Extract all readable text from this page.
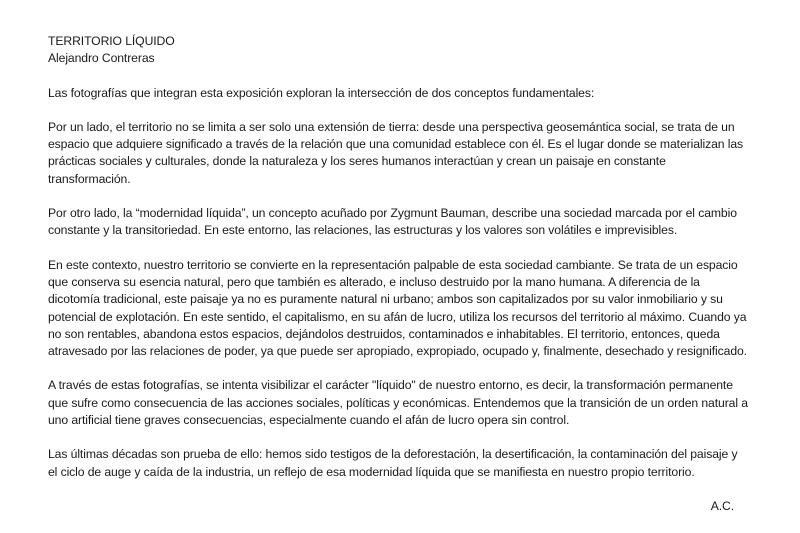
TERRITORIO LÍQUIDO

Alejandro Contreras

Las fotografías que integran esta exposición exploran la intersección de dos conceptos fundamentales:

Por un lado, el territorio no se limita a ser solo una extensión de tierra: desde una perspectiva geosemántica social, se trata de un espacio que adquiere significado a través de la relación que una comunidad establece con él. Es el lugar donde se materializan las prácticas sociales y culturales, donde la naturaleza y los seres humanos interactúan y crean un paisaje en constante transformación.

Por otro lado, la “modernidad líquida”, un concepto acuñado por Zygmunt Bauman, describe una sociedad marcada por el cambio constante y la transitoriedad. En este entorno, las relaciones, las estructuras y los valores son volátiles e imprevisibles.

En este contexto, nuestro territorio se convierte en la representación palpable de esta sociedad cambiante. Se trata de un espacio que conserva su esencia natural, pero que también es alterado, e incluso destruido por la mano humana. A diferencia de la dicotomía tradicional, este paisaje ya no es puramente natural ni urbano; ambos son capitalizados por su valor inmobiliario y su potencial de explotación. En este sentido, el capitalismo, en su afán de lucro, utiliza los recursos del territorio al máximo. Cuando ya no son rentables, abandona estos espacios, dejándolos destruidos, contaminados e inhabitables. El territorio, entonces, queda atravesado por las relaciones de poder, ya que puede ser apropiado, expropiado, ocupado y, finalmente, desechado y resignificado.

A través de estas fotografías, se intenta visibilizar el carácter "líquido" de nuestro entorno, es decir, la transformación permanente que sufre como consecuencia de las acciones sociales, políticas y económicas. Entendemos que la transición de un orden natural a uno artificial tiene graves consecuencias, especialmente cuando el afán de lucro opera sin control.

Las últimas décadas son prueba de ello: hemos sido testigos de la deforestación, la desertificación, la contaminación del paisaje y el ciclo de auge y caída de la industria, un reflejo de esa modernidad líquida que se manifiesta en nuestro propio territorio.

A.C.
